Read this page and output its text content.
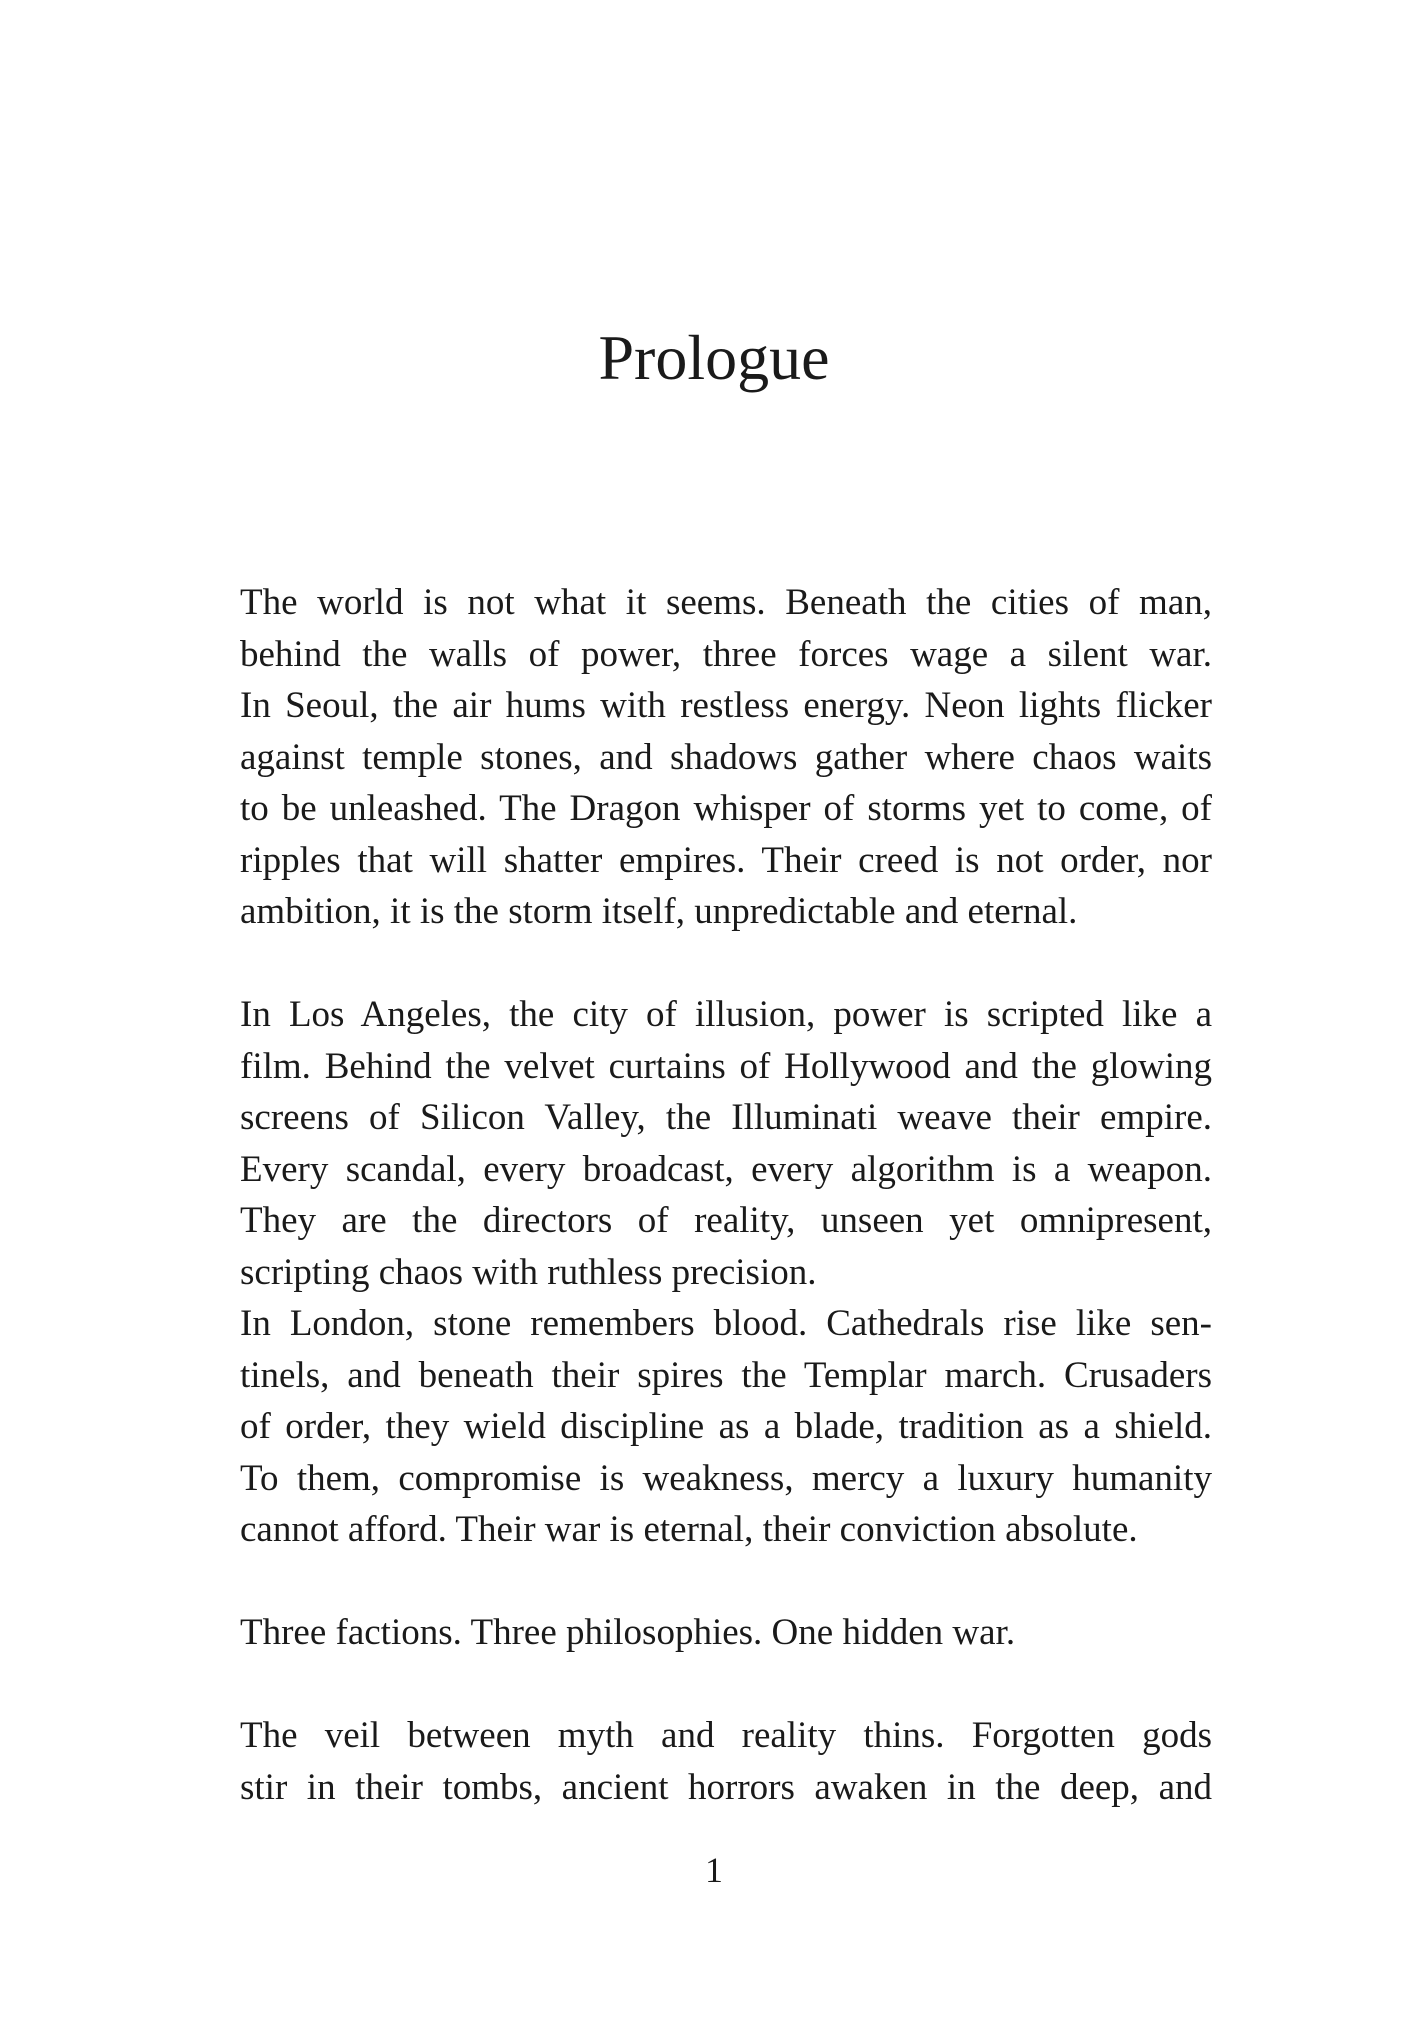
Prologue
The world is not what it seems. Beneath the cities of man,
behind the walls of power, three forces wage a silent war.
In Seoul, the air hums with restless energy. Neon lights flicker
against temple stones, and shadows gather where chaos waits
to be unleashed. The Dragon whisper of storms yet to come, of
ripples that will shatter empires. Their creed is not order, nor
ambition, it is the storm itself, unpredictable and eternal.
In Los Angeles, the city of illusion, power is scripted like a
film. Behind the velvet curtains of Hollywood and the glowing
screens of Silicon Valley, the Illuminati weave their empire.
Every scandal, every broadcast, every algorithm is a weapon.
They are the directors of reality, unseen yet omnipresent,
scripting chaos with ruthless precision.
In London, stone remembers blood. Cathedrals rise like sen-
tinels, and beneath their spires the Templar march. Crusaders
of order, they wield discipline as a blade, tradition as a shield.
To them, compromise is weakness, mercy a luxury humanity
cannot afford. Their war is eternal, their conviction absolute.
Three factions. Three philosophies. One hidden war.
The veil between myth and reality thins. Forgotten gods
stir in their tombs, ancient horrors awaken in the deep, and
1
